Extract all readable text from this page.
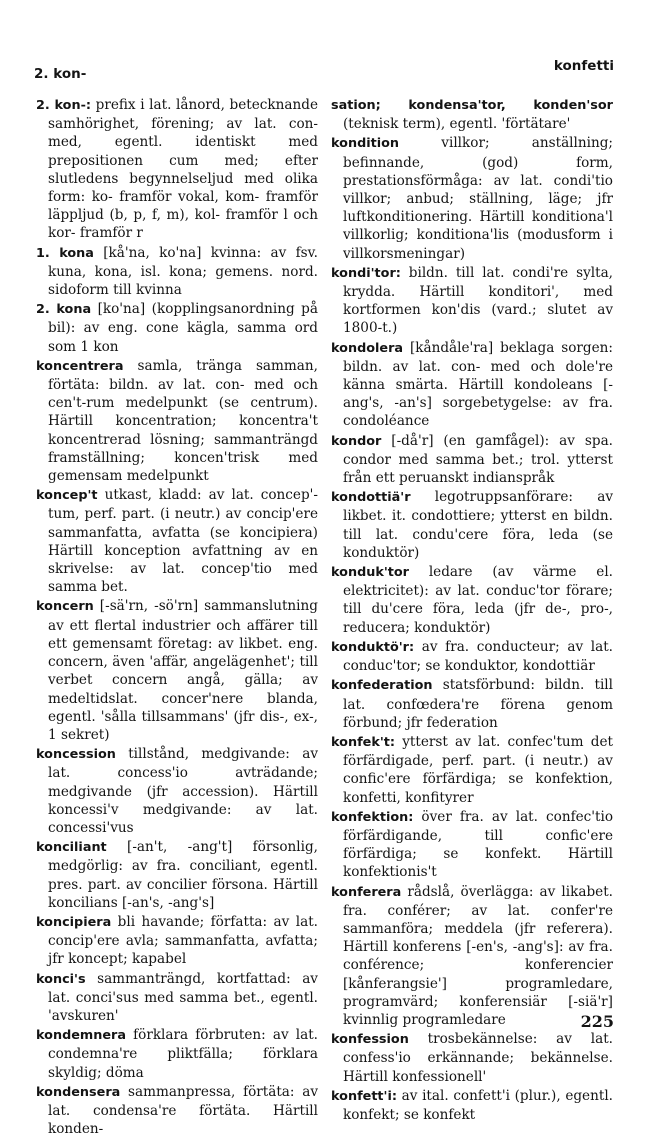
2. kon-	konfetti

2. kon-: prefix i lat. lånord, betecknande samhörighet, förening; av lat. con- med, egentl. identiskt med prepositionen cum med; efter slutledens begynnelseljud med olika form: ko- framför vokal, kom- framför läppljud (b, p, f, m), kol- framför l och kor- framför r

1. kona [kå'na, ko'na] kvinna: av fsv. kuna, kona, isl. kona; gemens. nord. sidoform till kvinna

2. kona [ko'na] (kopplingsanordning på bil): av eng. cone kägla, samma ord som 1 kon

koncentrera samla, tränga samman, förtäta: bildn. av lat. con- med och cen't-rum medelpunkt (se centrum). Härtill koncentration; koncentra't koncentrerad lösning; sammanträngd framställning; koncen'trisk med gemensam medelpunkt

koncep't utkast, kladd: av lat. concep'-tum, perf. part. (i neutr.) av concip'ere sammanfatta, avfatta (se koncipiera) Härtill konception avfattning av en skrivelse: av lat. concep'tio med samma bet.

koncern [-sä'rn, -sö'rn] sammanslutning av ett flertal industrier och affärer till ett gemensamt företag: av likbet. eng. concern, även 'affär, angelägenhet'; till verbet concern angå, gälla; av medeltidslat. concer'nere blanda, egentl. 'sålla tillsammans' (jfr dis-, ex-, 1 sekret)

koncession tillstånd, medgivande: av lat. concess'io avträdande; medgivande (jfr accession). Härtill koncessi'v medgivande: av lat. concessi'vus

konciliant [-an't, -ang't] försonlig, medgörlig: av fra. conciliant, egentl. pres. part. av concilier försona. Härtill koncilians [-an's, -ang's]

koncipiera bli havande; författa: av lat. concip'ere avla; sammanfatta, avfatta; jfr koncept; kapabel

konci's sammanträngd, kortfattad: av lat. conci'sus med samma bet., egentl. 'avskuren'

kondemnera förklara förbruten: av lat. condemna're pliktfälla; förklara skyldig; döma

kondensera sammanpressa, förtäta: av lat. condensa're förtäta. Härtill konden-

sation; kondensa'tor, konden'sor (teknisk term), egentl. 'förtätare'

kondition	villkor; anställning; befinnande, (god) form, prestationsförmåga: av lat. condi'tio villkor; anbud; ställning, läge; jfr luftkonditionering. Härtill konditiona'l villkorlig; konditiona'lis (modusform i villkorsmeningar)

kondi'tor: bildn. till lat. condi're sylta, krydda. Härtill konditori', med kortformen kon'dis (vard.; slutet av 1800-t.)

kondolera [kåndåle'ra] beklaga sorgen: bildn. av lat. con- med och dole're känna smärta. Härtill kondoleans [-ang's, -an's] sorgebetygelse: av fra. condoléance

kondor [-då'r] (en gamfågel): av spa. condor med samma bet.; trol. ytterst från ett peruanskt indianspråk

kondottiä'r legotruppsanförare: av likbet. it. condottiere; ytterst en bildn. till lat. condu'cere föra, leda (se konduktör)

konduk'tor ledare (av värme el. elektricitet): av lat. conduc'tor förare; till du'cere föra, leda (jfr de-, pro-, reducera; konduktör)

konduktö'r: av fra. conducteur; av lat. conduc'tor; se konduktor, kondottiär

konfederation statsförbund: bildn. till lat. confœdera're förena genom förbund; jfr federation

konfek't: ytterst av lat. confec'tum det förfärdigade, perf. part. (i neutr.) av confic'ere förfärdiga; se konfektion, konfetti, konfityrer

konfektion: över fra. av lat. confec'tio förfärdigande, till confic'ere förfärdiga; se konfekt. Härtill konfektionis't

konferera rådslå, överlägga: av likabet. fra. conférer; av lat. confer're sammanföra; meddela (jfr referera). Härtill konferens [-en's, -ang's]: av fra. conférence; konferencier [kånferangsie'] programledare, programvärd; konferensiär [-siä'r] kvinnlig programledare

konfession trosbekännelse: av lat. confess'io erkännande; bekännelse. Härtill konfessionell'

konfett'i: av ital. confett'i (plur.), egentl. konfekt; se konfekt

225
